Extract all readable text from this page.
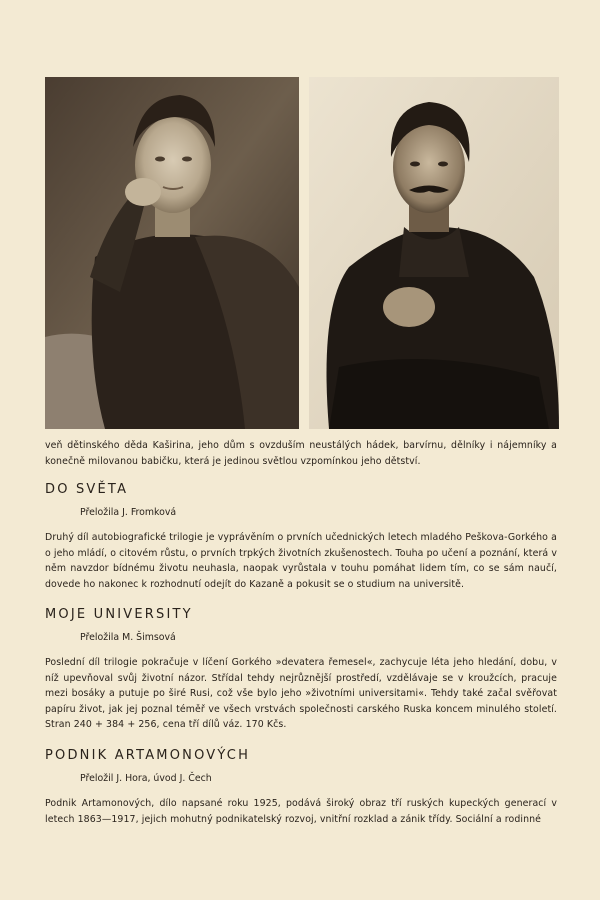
veň dětinského děda Kaširina, jeho dům s ovzduším neustálých hádek, barvírnu, dělníky i nájemníky a konečně milovanou babičku, která je jedinou světlou vzpomínkou jeho dětství.
DO SVĚTA
Přeložila J. Fromková
Druhý díl autobiografické trilogie je vyprávěním o prvních učednických letech mladého Peškova-Gorkého a o jeho mládí, o citovém růstu, o prvních trpkých životních zkušenostech. Touha po učení a poznání, která v něm navzdor bídnému životu neuhasla, naopak vyrůstala v touhu pomáhat lidem tím, co se sám naučí, dovede ho nakonec k rozhodnutí odejít do Kazaně a pokusit se o studium na universitě.
MOJE UNIVERSITY
Přeložila M. Šimsová
Poslední díl trilogie pokračuje v líčení Gorkého »devatera řemesel«, zachycuje léta jeho hledání, dobu, v níž upevňoval svůj životní názor. Střídal tehdy nejrůznější prostředí, vzdělávaje se v kroužcích, pracuje mezi bosáky a putuje po širé Rusi, což vše bylo jeho »životními universitami«. Tehdy také začal svěřovat papíru život, jak jej poznal téměř ve všech vrstvách společnosti carského Ruska koncem minulého století. Stran 240 + 384 + 256, cena tří dílů váz. 170 Kčs.
PODNIK ARTAMONOVÝCH
Přeložil J. Hora, úvod J. Čech
Podnik Artamonových, dílo napsané roku 1925, podává široký obraz tří ruských kupeckých generací v letech 1863—1917, jejich mohutný podnikatelský rozvoj, vnitřní rozklad a zánik třídy. Sociální a rodinné
